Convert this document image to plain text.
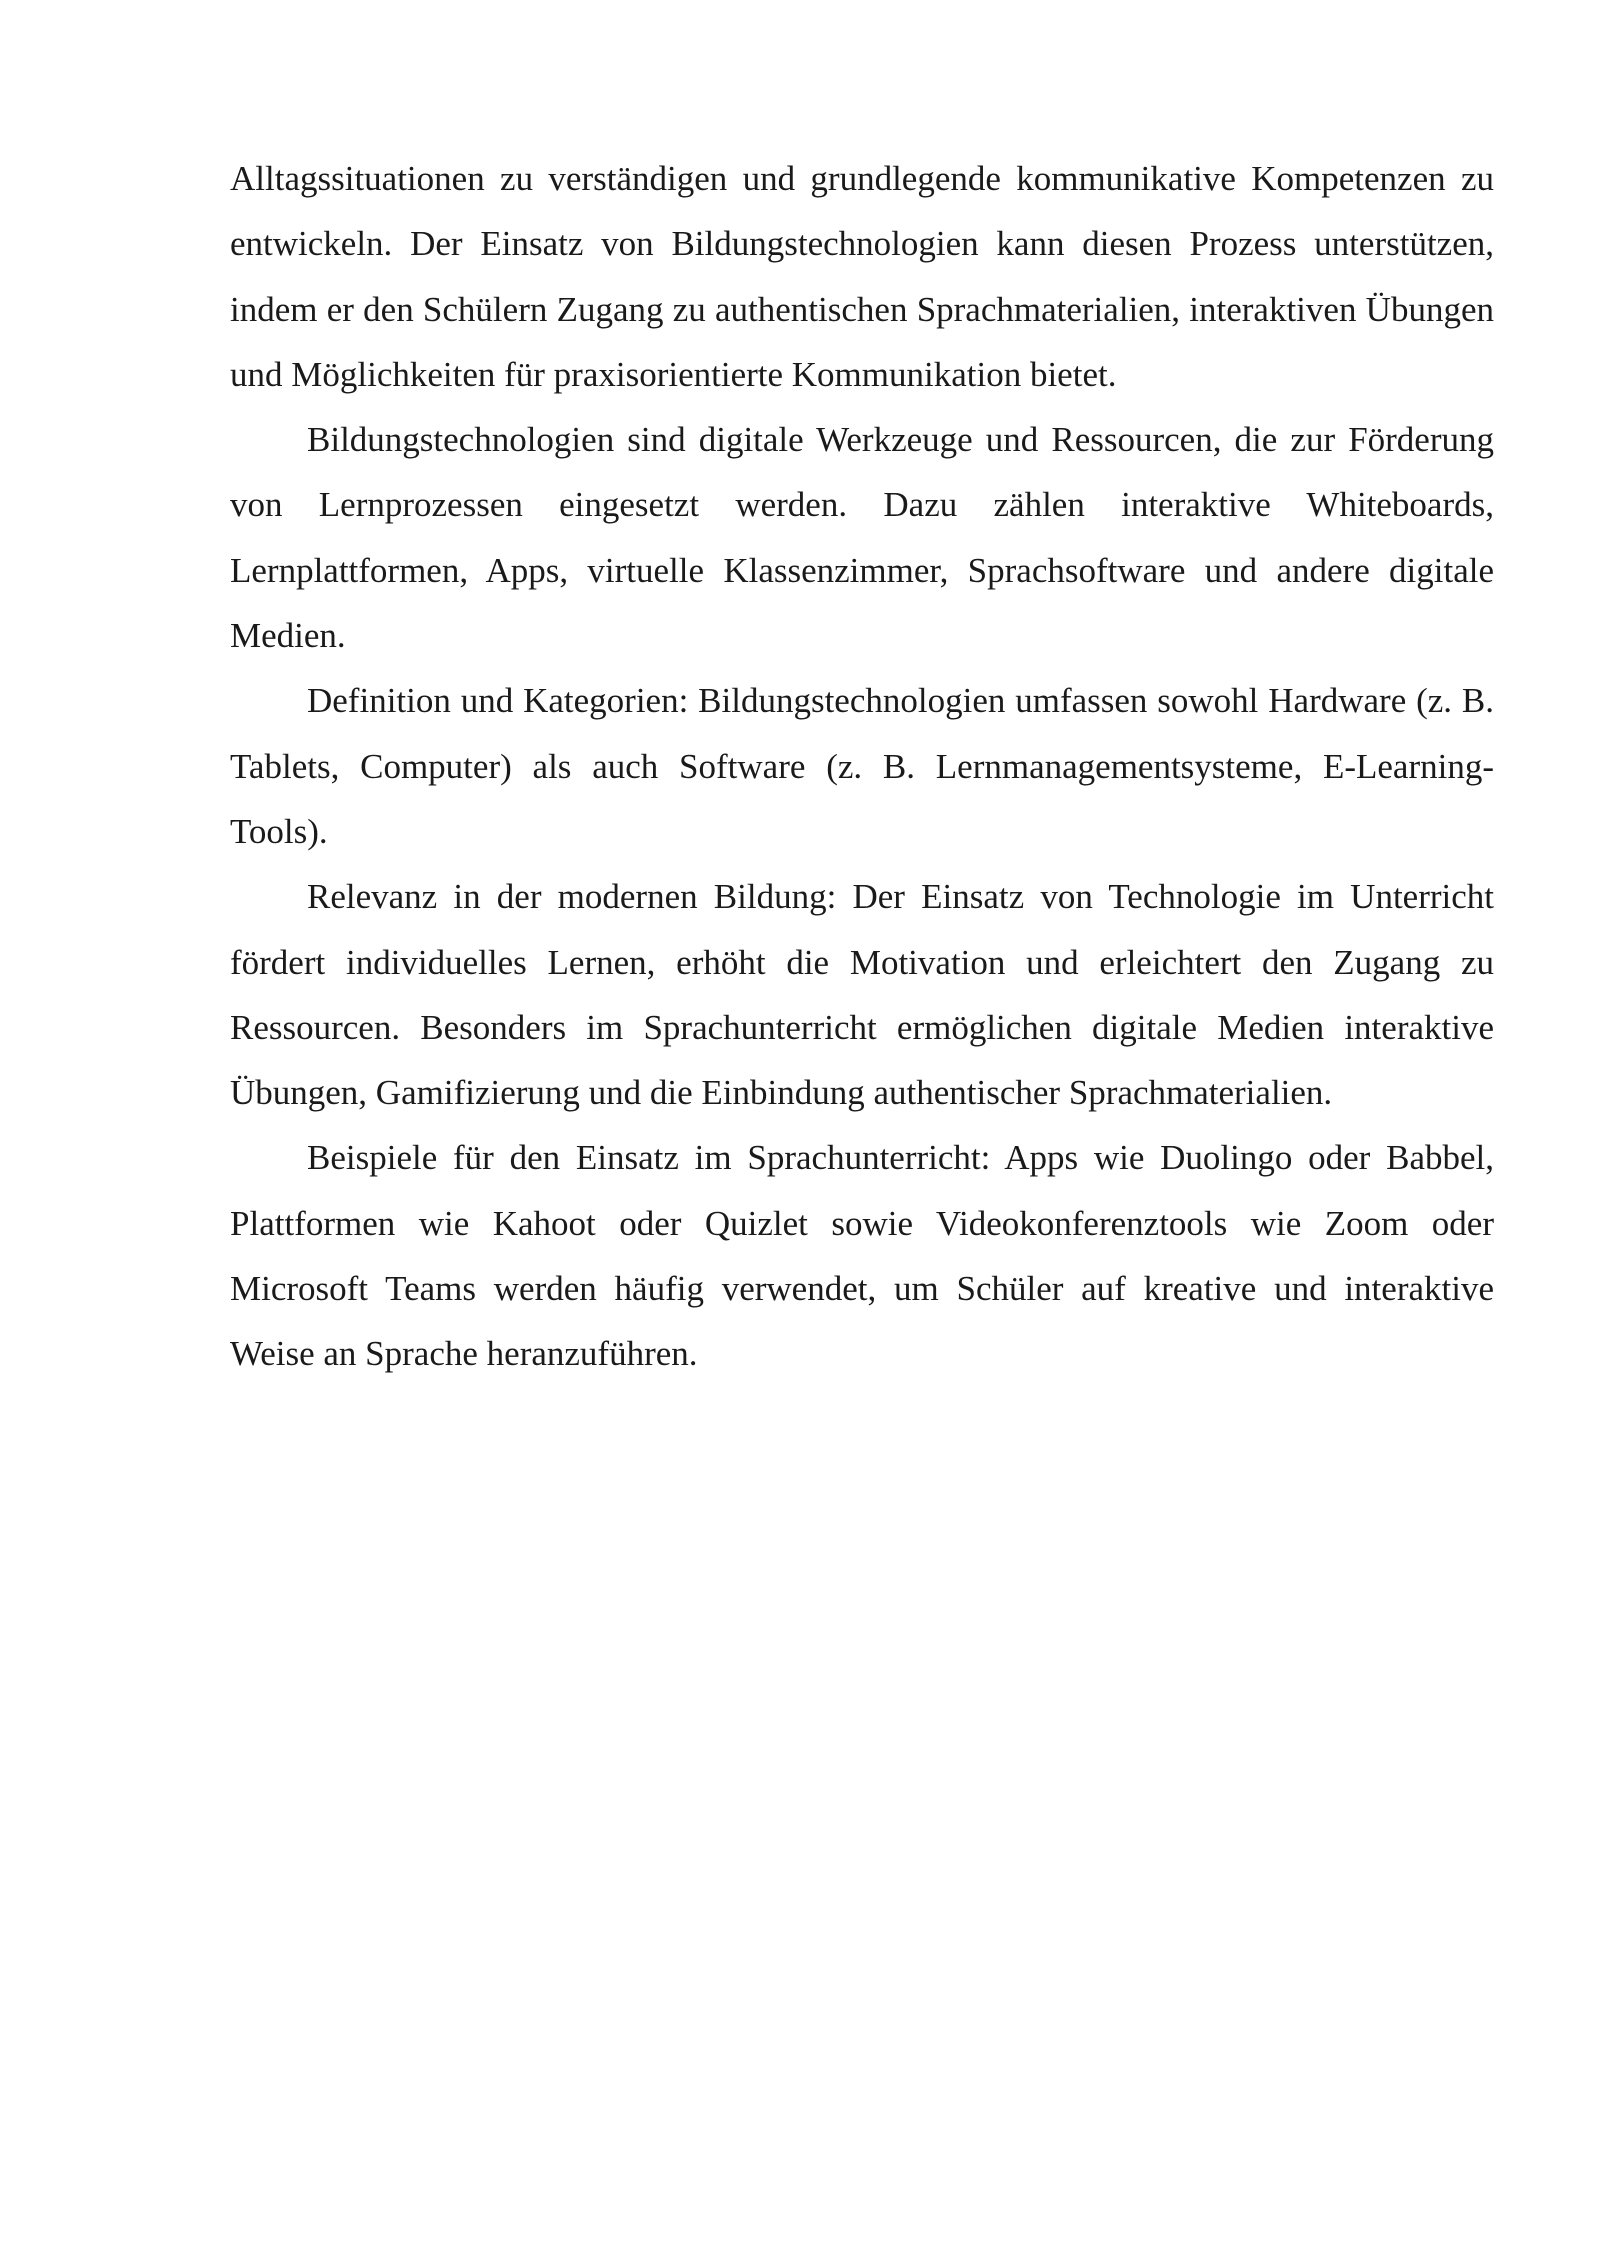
Alltagssituationen zu verständigen und grundlegende kommunikative Kompetenzen zu entwickeln. Der Einsatz von Bildungstechnologien kann diesen Prozess unterstützen, indem er den Schülern Zugang zu authentischen Sprachmaterialien, interaktiven Übungen und Möglichkeiten für praxisorientierte Kommunikation bietet.

Bildungstechnologien sind digitale Werkzeuge und Ressourcen, die zur Förderung von Lernprozessen eingesetzt werden. Dazu zählen interaktive Whiteboards, Lernplattformen, Apps, virtuelle Klassenzimmer, Sprachsoftware und andere digitale Medien.

Definition und Kategorien: Bildungstechnologien umfassen sowohl Hardware (z. B. Tablets, Computer) als auch Software (z. B. Lernmanagementsysteme, E-Learning-Tools).

Relevanz in der modernen Bildung: Der Einsatz von Technologie im Unterricht fördert individuelles Lernen, erhöht die Motivation und erleichtert den Zugang zu Ressourcen. Besonders im Sprachunterricht ermöglichen digitale Medien interaktive Übungen, Gamifizierung und die Einbindung authentischer Sprachmaterialien.

Beispiele für den Einsatz im Sprachunterricht: Apps wie Duolingo oder Babbel, Plattformen wie Kahoot oder Quizlet sowie Videokonferenztools wie Zoom oder Microsoft Teams werden häufig verwendet, um Schüler auf kreative und interaktive Weise an Sprache heranzuführen.
